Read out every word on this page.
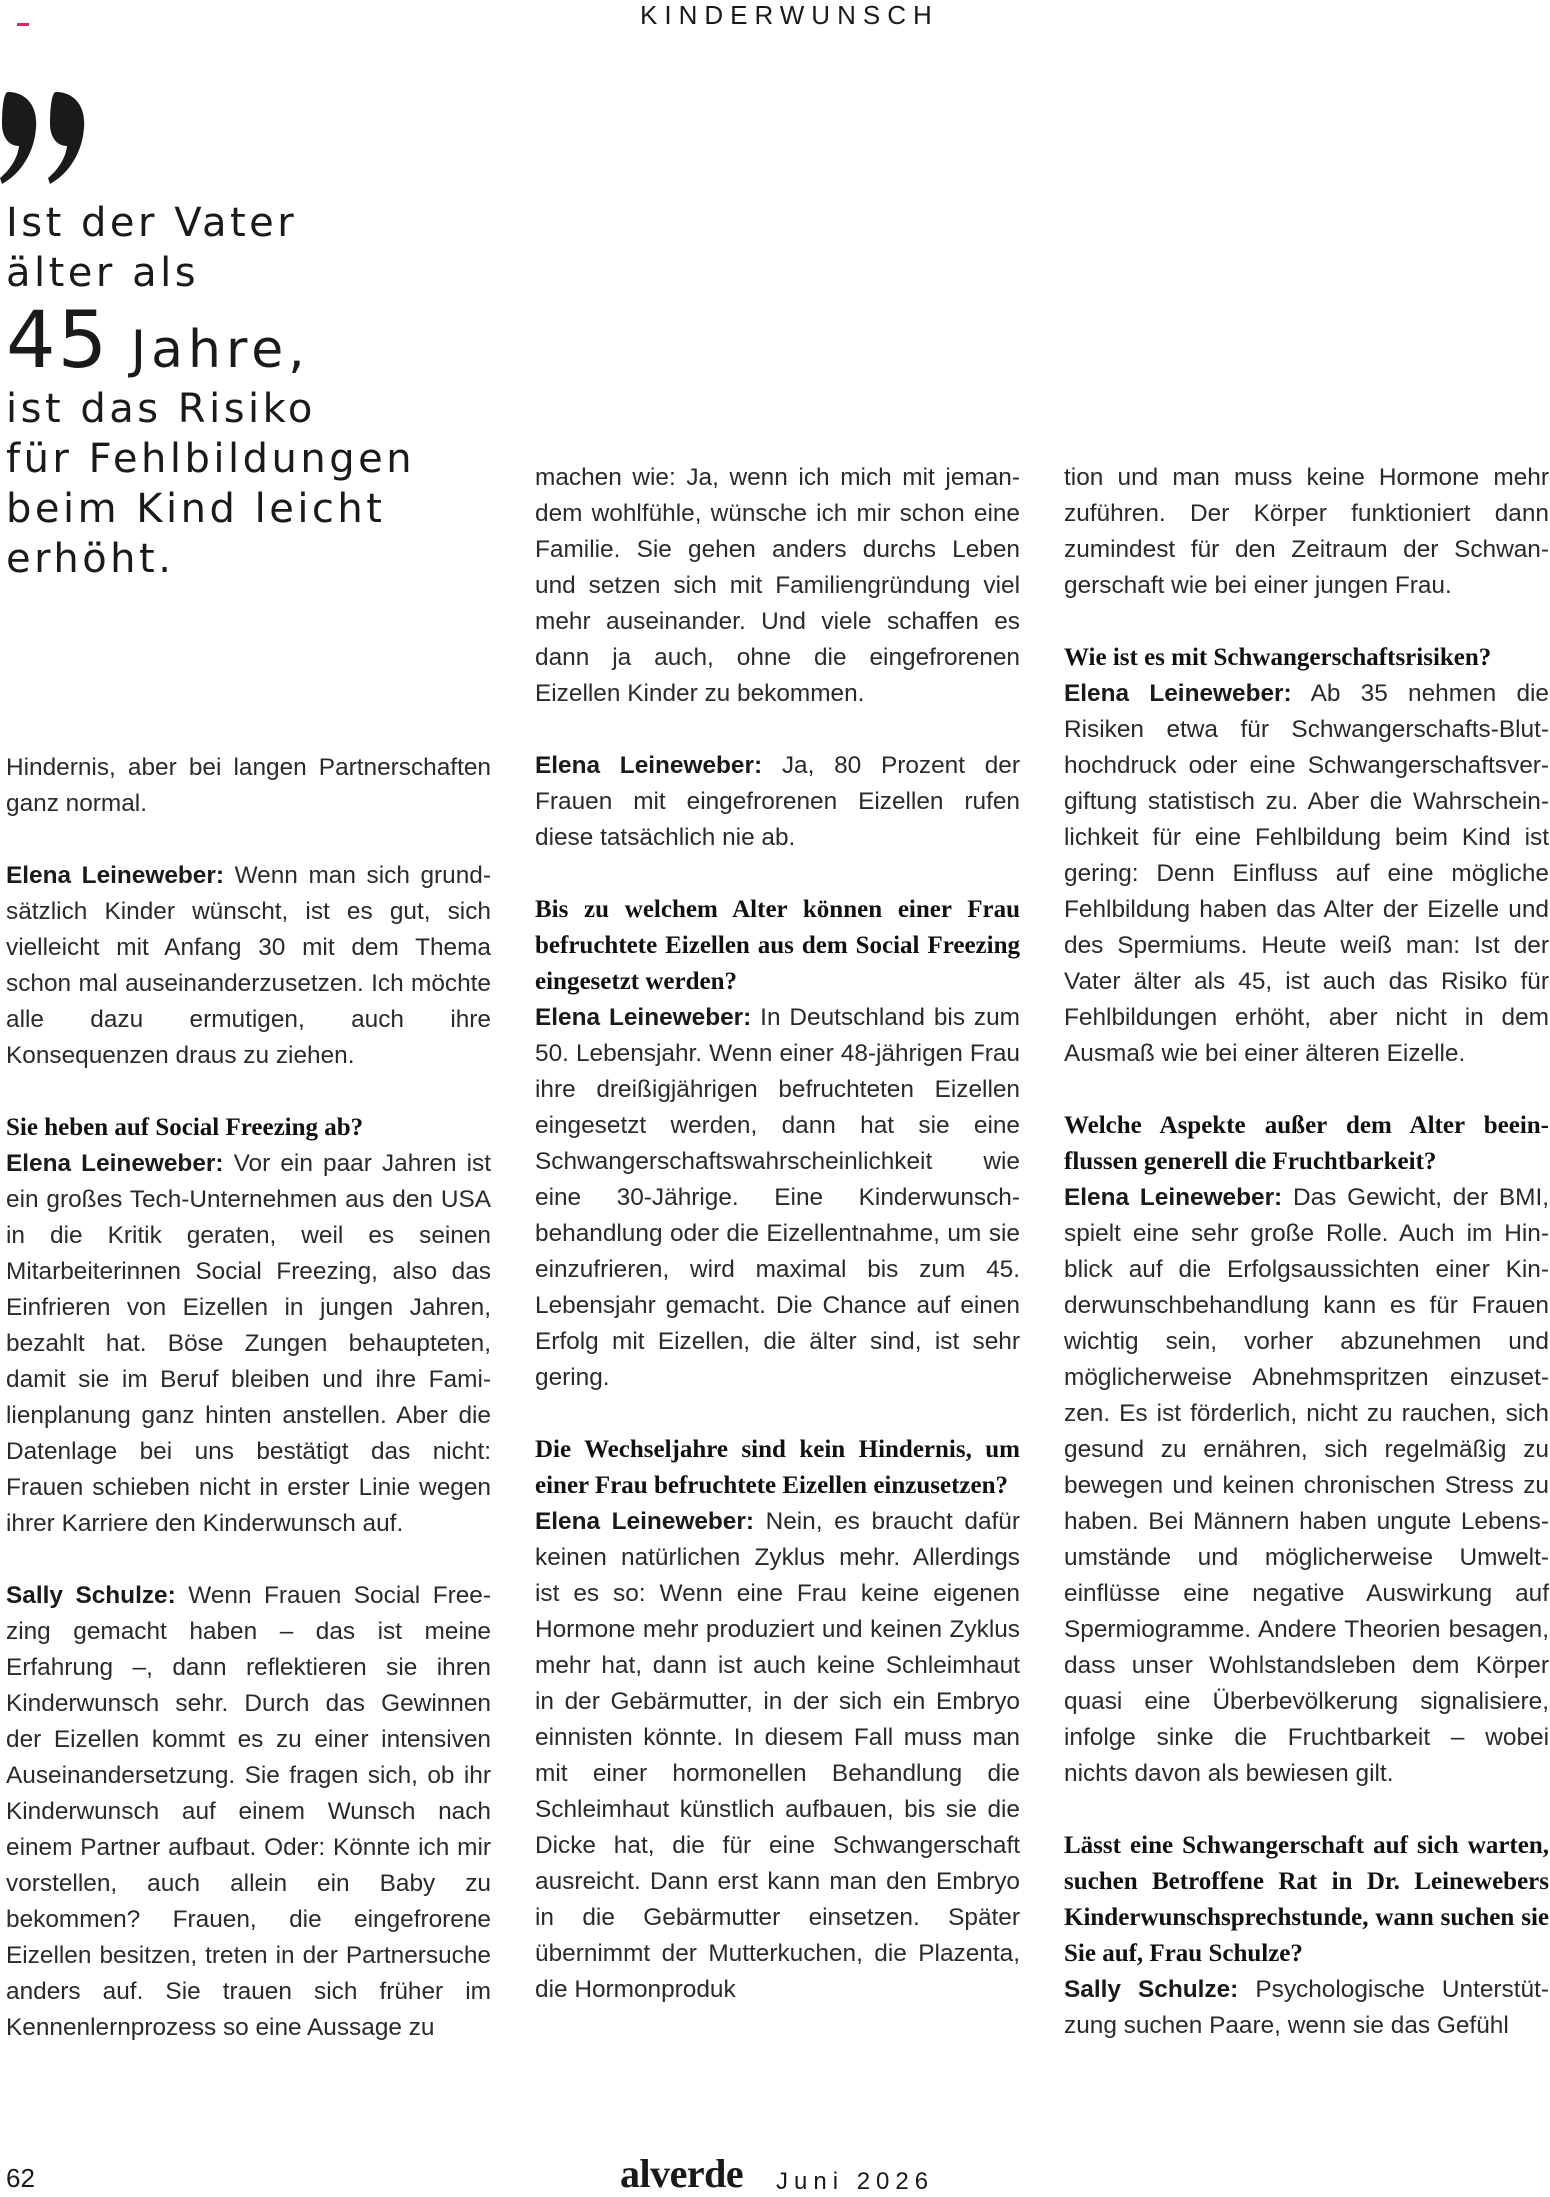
KINDERWUNSCH
Ist der Vater
älter als
45 Jahre,
ist das Risiko
für Fehlbildungen
beim Kind leicht
erhöht.

Hindernis, aber bei langen Partnerschaften ganz normal.

Elena Leineweber: Wenn man sich grundsätzlich Kinder wünscht, ist es gut, sich vielleicht mit Anfang 30 mit dem Thema schon mal auseinanderzusetzen. Ich möchte alle dazu ermutigen, auch ihre Konsequenzen draus zu ziehen.

Sie heben auf Social Freezing ab?
Elena Leineweber: Vor ein paar Jahren ist ein großes Tech-Unternehmen aus den USA in die Kritik geraten, weil es seinen Mitarbeiterinnen Social Freezing, also das Einfrieren von Eizellen in jungen Jahren, bezahlt hat. Böse Zungen behaupteten, damit sie im Beruf bleiben und ihre Familienplanung ganz hinten anstellen. Aber die Datenlage bei uns bestätigt das nicht: Frauen schieben nicht in erster Linie wegen ihrer Karriere den Kinderwunsch auf.

Sally Schulze: Wenn Frauen Social Freezing gemacht haben – das ist meine Erfahrung –, dann reflektieren sie ihren Kinderwunsch sehr. Durch das Gewinnen der Eizellen kommt es zu einer intensiven Auseinandersetzung. Sie fragen sich, ob ihr Kinderwunsch auf einem Wunsch nach einem Partner aufbaut. Oder: Könnte ich mir vorstellen, auch allein ein Baby zu bekommen? Frauen, die eingefrorene Eizellen besitzen, treten in der Partnersuche anders auf. Sie trauen sich früher im Kennenlernprozess so eine Aussage zu

machen wie: Ja, wenn ich mich mit jemandem wohlfühle, wünsche ich mir schon eine Familie. Sie gehen anders durchs Leben und setzen sich mit Familiengründung viel mehr auseinander. Und viele schaffen es dann ja auch, ohne die eingefrorenen Eizellen Kinder zu bekommen.

Elena Leineweber: Ja, 80 Prozent der Frauen mit eingefrorenen Eizellen rufen diese tatsächlich nie ab.

Bis zu welchem Alter können einer Frau befruchtete Eizellen aus dem Social Freezing eingesetzt werden?
Elena Leineweber: In Deutschland bis zum 50. Lebensjahr. Wenn einer 48-jährigen Frau ihre dreißigjährigen befruchteten Eizellen eingesetzt werden, dann hat sie eine Schwangerschaftswahrscheinlichkeit wie eine 30-Jährige. Eine Kinderwunschbehandlung oder die Eizellentnahme, um sie einzufrieren, wird maximal bis zum 45. Lebensjahr gemacht. Die Chance auf einen Erfolg mit Eizellen, die älter sind, ist sehr gering.

Die Wechseljahre sind kein Hindernis, um einer Frau befruchtete Eizellen einzusetzen?
Elena Leineweber: Nein, es braucht dafür keinen natürlichen Zyklus mehr. Allerdings ist es so: Wenn eine Frau keine eigenen Hormone mehr produziert und keinen Zyklus mehr hat, dann ist auch keine Schleimhaut in der Gebärmutter, in der sich ein Embryo einnisten könnte. In diesem Fall muss man mit einer hormonellen Behandlung die Schleimhaut künstlich aufbauen, bis sie die Dicke hat, die für eine Schwangerschaft ausreicht. Dann erst kann man den Embryo in die Gebärmutter einsetzen. Später übernimmt der Mutterkuchen, die Plazenta, die Hormonproduk

tion und man muss keine Hormone mehr zuführen. Der Körper funktioniert dann zumindest für den Zeitraum der Schwangerschaft wie bei einer jungen Frau.

Wie ist es mit Schwangerschaftsrisiken?
Elena Leineweber: Ab 35 nehmen die Risiken etwa für Schwangerschafts-Bluthochdruck oder eine Schwangerschaftsvergiftung statistisch zu. Aber die Wahrscheinlichkeit für eine Fehlbildung beim Kind ist gering: Denn Einfluss auf eine mögliche Fehlbildung haben das Alter der Eizelle und des Spermiums. Heute weiß man: Ist der Vater älter als 45, ist auch das Risiko für Fehlbildungen erhöht, aber nicht in dem Ausmaß wie bei einer älteren Eizelle.

Welche Aspekte außer dem Alter beeinflussen generell die Fruchtbarkeit?
Elena Leineweber: Das Gewicht, der BMI, spielt eine sehr große Rolle. Auch im Hinblick auf die Erfolgsaussichten einer Kinderwunschbehandlung kann es für Frauen wichtig sein, vorher abzunehmen und möglicherweise Abnehmspritzen einzusetzen. Es ist förderlich, nicht zu rauchen, sich gesund zu ernähren, sich regelmäßig zu bewegen und keinen chronischen Stress zu haben. Bei Männern haben ungute Lebensumstände und möglicherweise Umwelteinflüsse eine negative Auswirkung auf Spermiogramme. Andere Theorien besagen, dass unser Wohlstandsleben dem Körper quasi eine Überbevölkerung signalisiere, infolge sinke die Fruchtbarkeit – wobei nichts davon als bewiesen gilt.

Lässt eine Schwangerschaft auf sich warten, suchen Betroffene Rat in Dr. Leinewebers Kinderwunschsprechstunde, wann suchen sie Sie auf, Frau Schulze?
Sally Schulze: Psychologische Unterstützung suchen Paare, wenn sie das Gefühl

62	alverde Juni 2026
